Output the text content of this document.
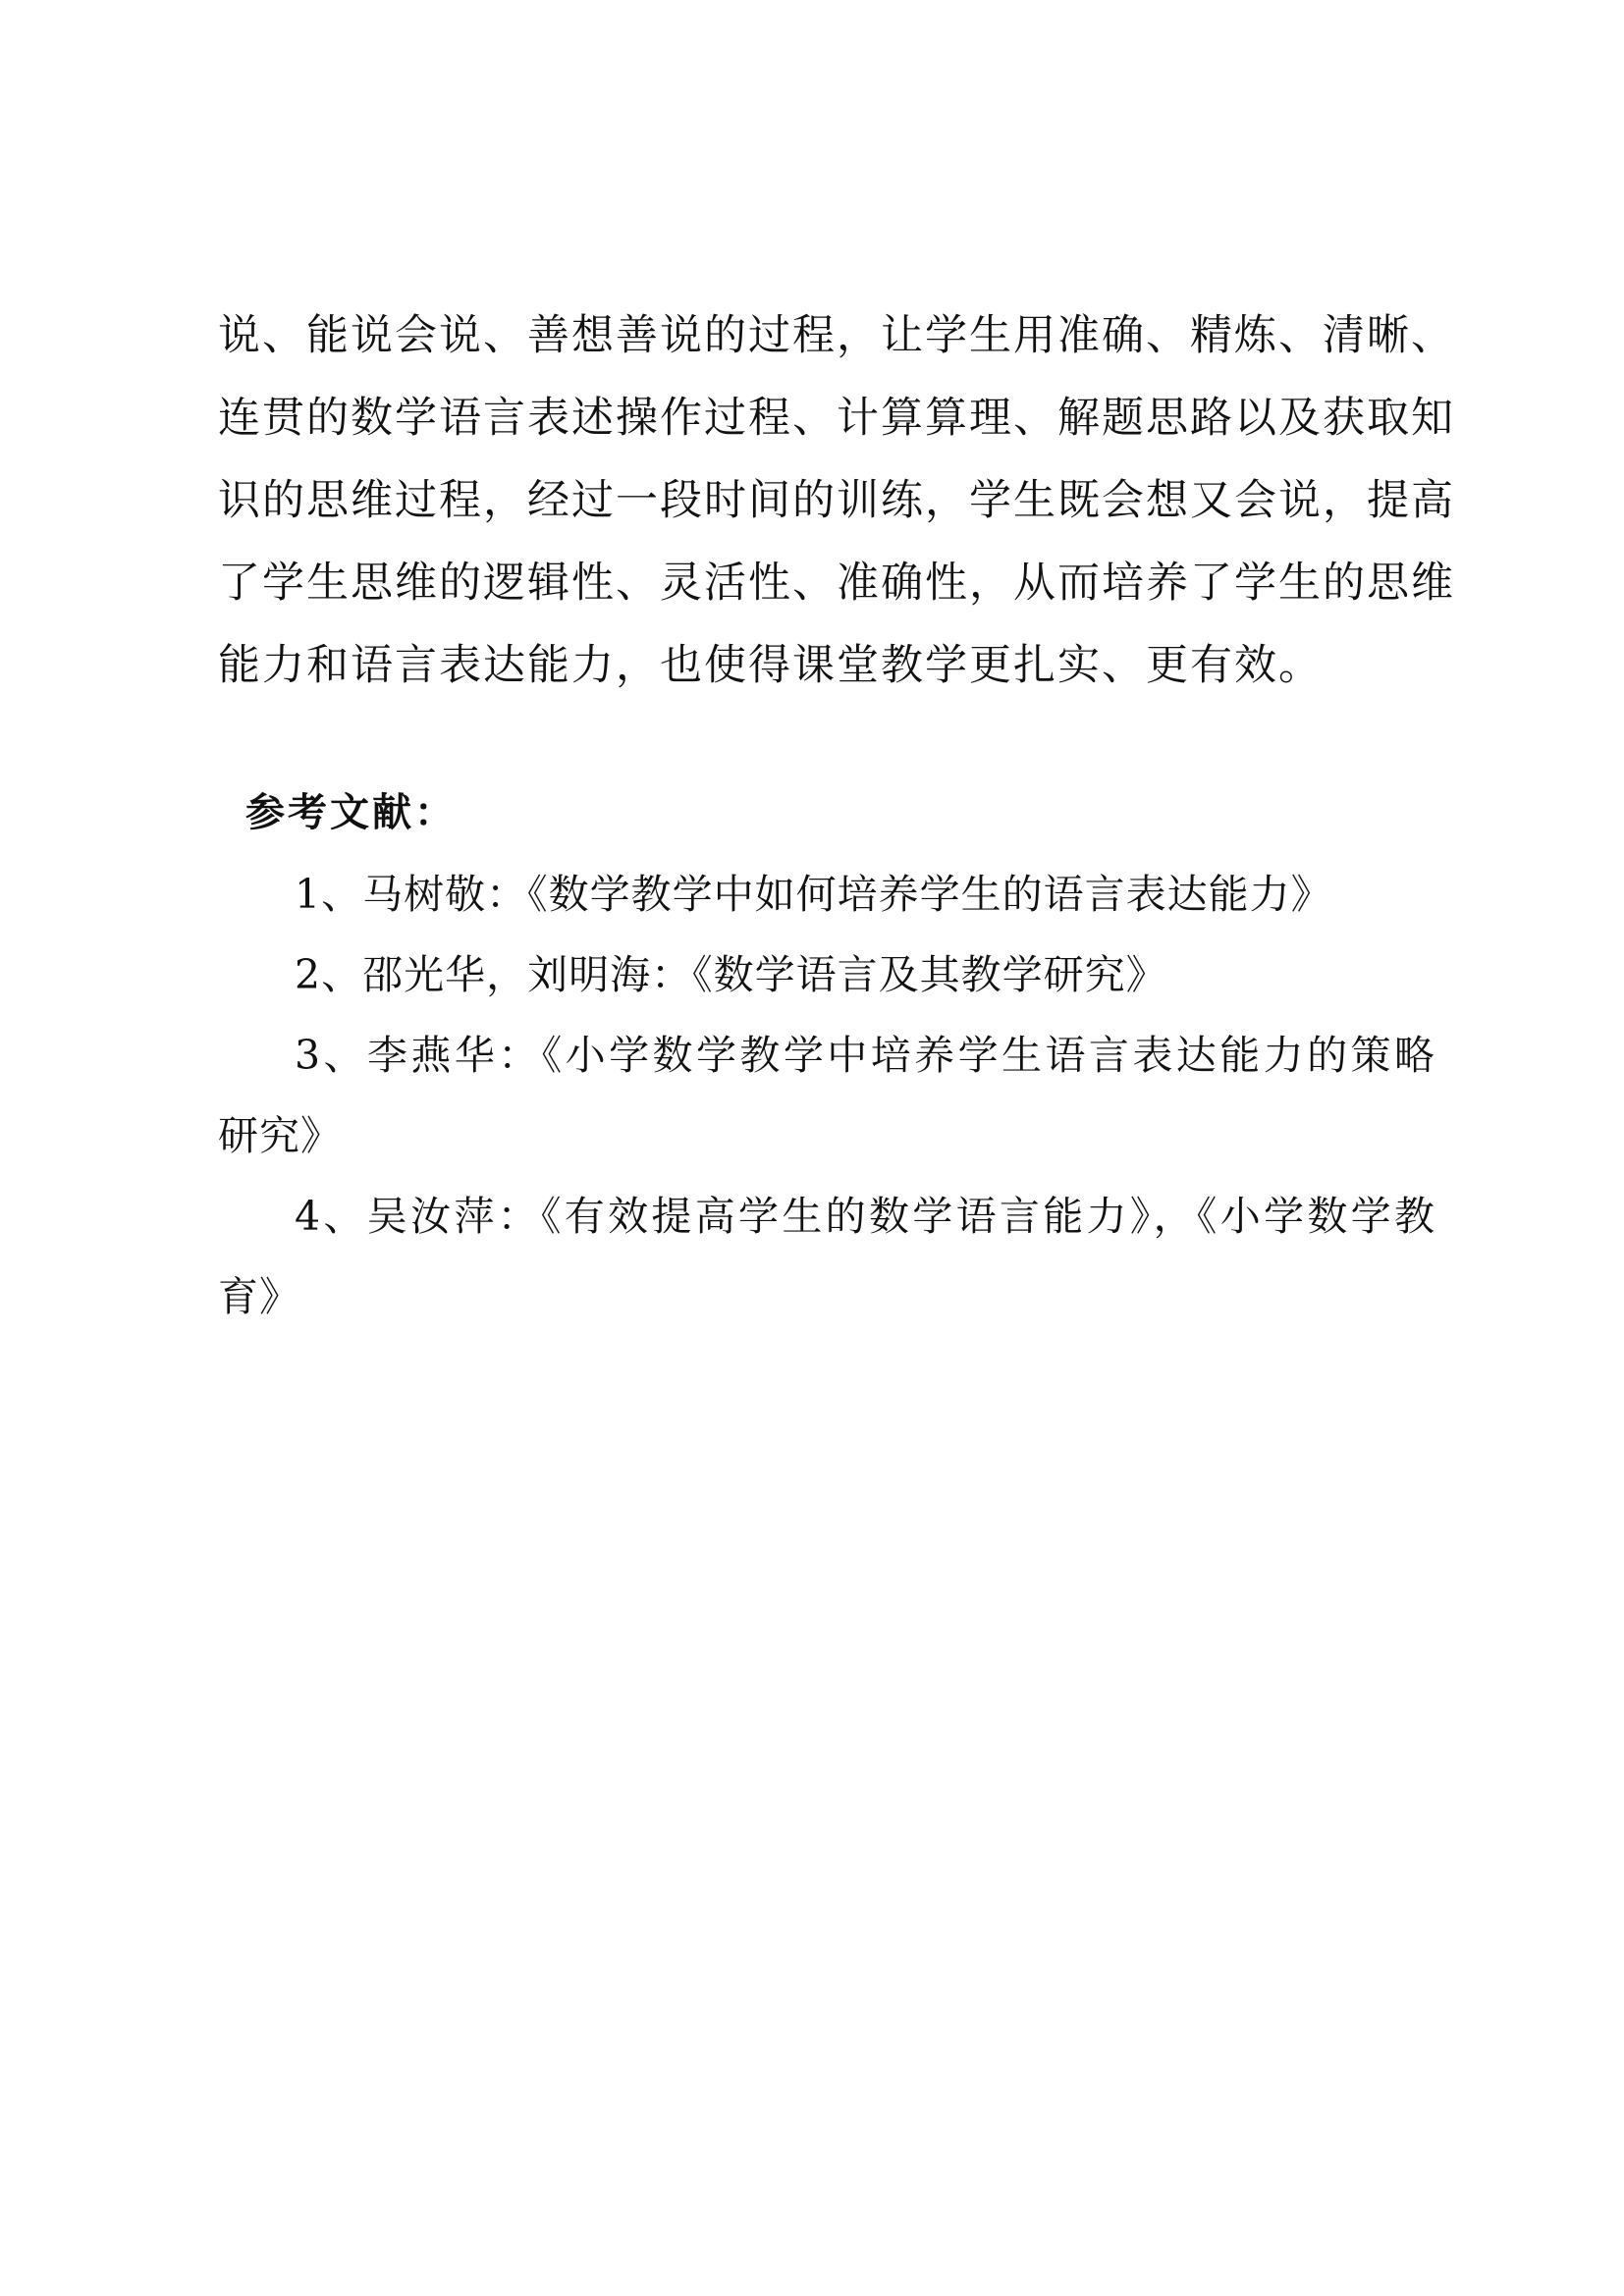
说、能说会说、善想善说的过程，让学生用准确、精炼、清晰、
连贯的数学语言表述操作过程、计算算理、解题思路以及获取知
识的思维过程，经过一段时间的训练，学生既会想又会说，提高
了学生思维的逻辑性、灵活性、准确性，从而培养了学生的思维
能力和语言表达能力，也使得课堂教学更扎实、更有效。
参考文献：
1、马树敬：《数学教学中如何培养学生的语言表达能力》
2、邵光华，刘明海：《数学语言及其教学研究》
3、李燕华：《小学数学教学中培养学生语言表达能力的策略
研究》
4、吴汝萍：《有效提高学生的数学语言能力》，《小学数学教
育》
